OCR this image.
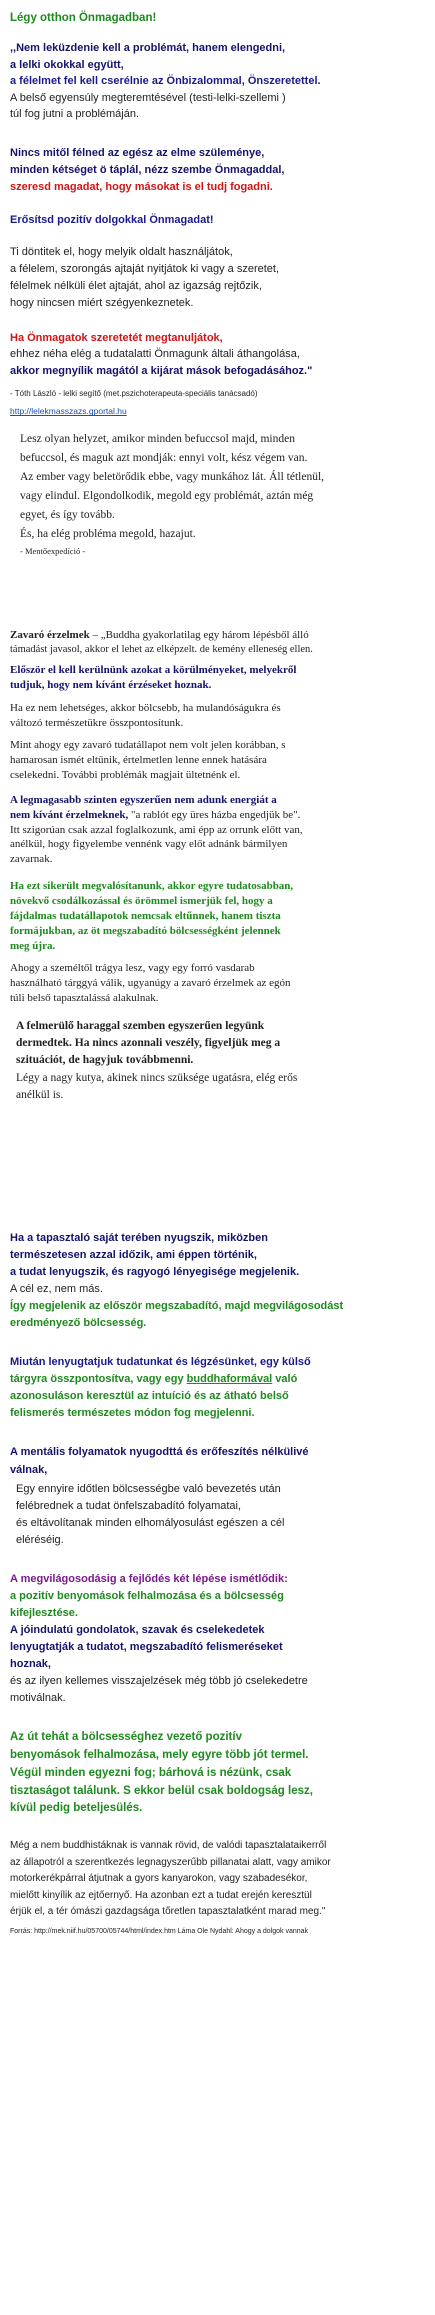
Légy otthon Önmagadban!

,,Nem leküzdenie kell a problémát, hanem elengedni,

a lelki okokkal együtt,

a félelmet fel kell cserélnie az Önbizalommal, Önszeretettel.

A belső egyensúly megteremtésével (testi-lelki-szellemi )

túl fog jutni a problémáján.

Nincs mitől félned az egész az elme szüleménye,

minden kétséget ö táplál, nézz szembe Önmagaddal,

szeresd magadat, hogy másokat is el tudj fogadni.

Erősítsd pozitív dolgokkal Önmagadat!

Ti döntitek el, hogy melyik oldalt használjátok,

a félelem, szorongás ajtaját nyitjátok ki vagy a szeretet,

félelmek nélküli élet ajtaját, ahol az igazság rejtőzik,

hogy nincsen miért szégyenkeznetek.

Ha Önmagatok szeretetét megtanuljátok,

ehhez néha elég a tudatalatti Önmagunk általi áthangolása,

akkor megnyílik magától a kijárat mások befogadásához."

- Tóth László - lelki segítő (met.pszichoterapeuta-speciális tanácsadó)

http://lelekmasszazs.gportal.hu

Lesz olyan helyzet, amikor minden befuccsol majd, minden

befuccsol, és maguk azt mondják: ennyi volt, kész végem van.

Az ember vagy beletörődik ebbe, vagy munkához lát. Áll tétlenül,

vagy elindul. Elgondolkodik, megold egy problémát, aztán még

egyet, és így tovább.

És, ha elég probléma megold, hazajut.

- Mentőexpedíció -

Zavaró érzelmek – „Buddha gyakorlatilag egy három lépésből álló

támadást javasol, akkor el lehet az elképzelt. de kemény elleneség ellen.

Először el kell kerülnünk azokat a körülményeket, melyekről

tudjuk, hogy nem kívánt érzéseket hoznak.

Ha ez nem lehetséges, akkor bölcsebb, ha mulandóságukra és

változó természetükre összpontosítunk.

Mint ahogy egy zavaró tudatállapot nem volt jelen korábban, s

hamarosan ismét eltűnik, értelmetlen lenne ennek hatására

cselekedni. További problémák magjait ültetnénk el.

A legmagasabb szinten egyszerűen nem adunk energiát a

nem kívánt érzelmeknek, "a rablót egy üres házba engedjük be".

Itt szigorúan csak azzal foglalkozunk, ami épp az orrunk előtt van,

anélkül, hogy figyelembe vennénk vagy előt adnánk bármilyen

zavarnak.

Ha ezt sikerült megvalósítanunk, akkor egyre tudatosabban,

növekvő csodálkozással és örömmel ismerjük fel, hogy a

fájdalmas tudatállapotok nemcsak eltűnnek, hanem tiszta

formájukban, az öt megszabadító bölcsességként jelennek

meg újra.

Ahogy a személtől trágya lesz, vagy egy forró vasdarab

használható tárggyá válik, ugyanúgy a zavaró érzelmek az egón

túli belső tapasztalássá alakulnak.

A felmerülő haraggal szemben egyszerűen legyünk

dermedtek. Ha nincs azonnali veszély, figyeljük meg a

szituációt, de hagyjuk továbbmenni.

Légy a nagy kutya, akinek nincs szüksége ugatásra, elég erős

anélkül is.

Ha a tapasztaló saját terében nyugszik, miközben

természetesen azzal időzik, ami éppen történik,

a tudat lenyugszik, és ragyogó lényegisége megjelenik.

A cél ez, nem más.

Így megjelenik az először megszabadító, majd megvilágosodást

eredményező bölcsesség.

Miután lenyugtatjuk tudatunkat és légzésünket, egy külső

tárgyra összpontosítva, vagy egy buddhaformával való

azonosuláson keresztül az intuíció és az átható belső

felismerés természetes módon fog megjelenni.

A mentális folyamatok nyugodttá és erőfeszítés nélkülivé

válnak,

Egy ennyire időtlen bölcsességbe való bevezetés után

felébrednek a tudat önfelszabadító folyamatai,

és eltávolítanak minden elhomályosulást egészen a cél

eléréséig.

A megvilágosodásig a fejlődés két lépése ismétlődik:

a pozitív benyomások felhalmozása és a bölcsesség

kifejlesztése.

A jóindulatú gondolatok, szavak és cselekedetek

lenyugtatják a tudatot, megszabadító felismeréseket

hoznak,

és az ilyen kellemes visszajelzések még több jó cselekedetre

motiválnak.

Az út tehát a bölcsességhez vezető pozitív

benyomások felhalmozása, mely egyre több jót termel.

Végül minden egyezni fog; bárhová is nézünk, csak

tisztaságot találunk. S ekkor belül csak boldogság lesz,

kívül pedig beteljesülés.

Még a nem buddhistáknak is vannak rövid, de valódi tapasztalataikerről

az állapotról a szerentkezés legnagyszerűbb pillanatai alatt, vagy amikor

motorkerékpárral átjutnak a gyors kanyarokon, vagy szabadesékor,

mielőtt kinyílik az ejtőernyő. Ha azonban ezt a tudat erején keresztül

érjük el, a tér ómászi gazdagsága tőretlen tapasztalatként marad meg."

Forrás: http://mek.niif.hu/05700/05744/html/index.htm Láma Ole Nydahl: Ahogy a dolgok vannak
